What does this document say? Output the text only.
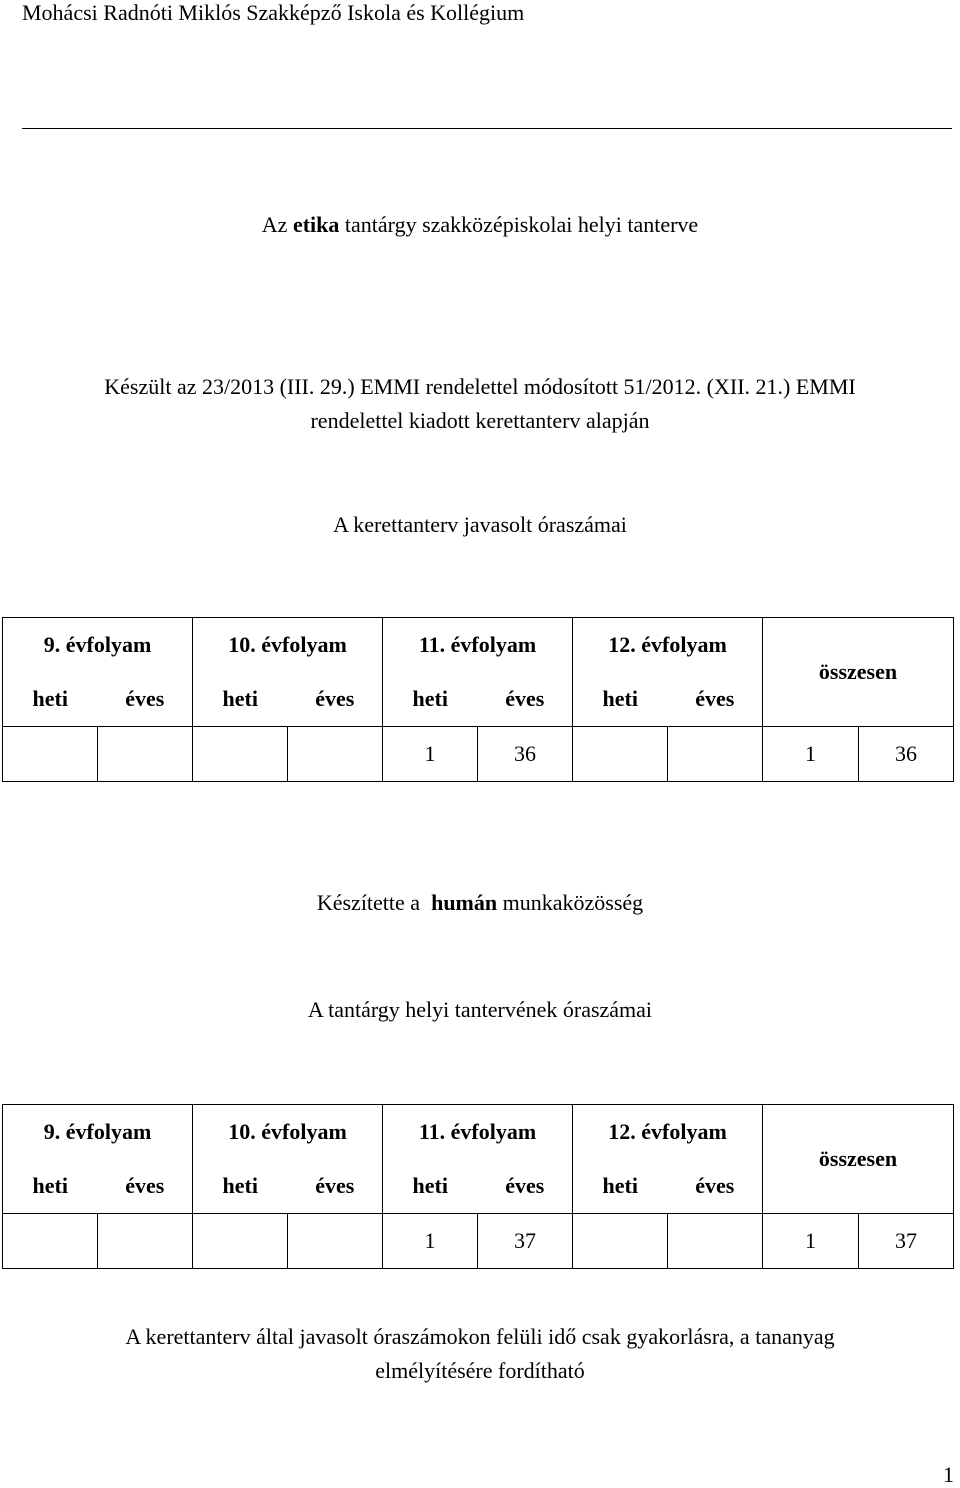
Mohácsi Radnóti Miklós Szakképző Iskola és Kollégium
Az etika tantárgy szakközépiskolai helyi tanterve
Készült az 23/2013 (III. 29.) EMMI rendelettel módosított 51/2012. (XII. 21.) EMMI
rendelettel kiadott kerettanterv alapján
A kerettanterv javasolt óraszámai
9. évfolyam		10. évfolyam		11. évfolyam		12. évfolyam		összesen	
heti	éves	heti	éves	heti	éves	heti	éves		
				1	36			1	36
Készítette a  humán munkaközösség
A tantárgy helyi tantervének óraszámai
9. évfolyam		10. évfolyam		11. évfolyam		12. évfolyam		összesen	
heti	éves	heti	éves	heti	éves	heti	éves		
				1	37			1	37
A kerettanterv által javasolt óraszámokon felüli idő csak gyakorlásra, a tananyag
elmélyítésére fordítható
1
